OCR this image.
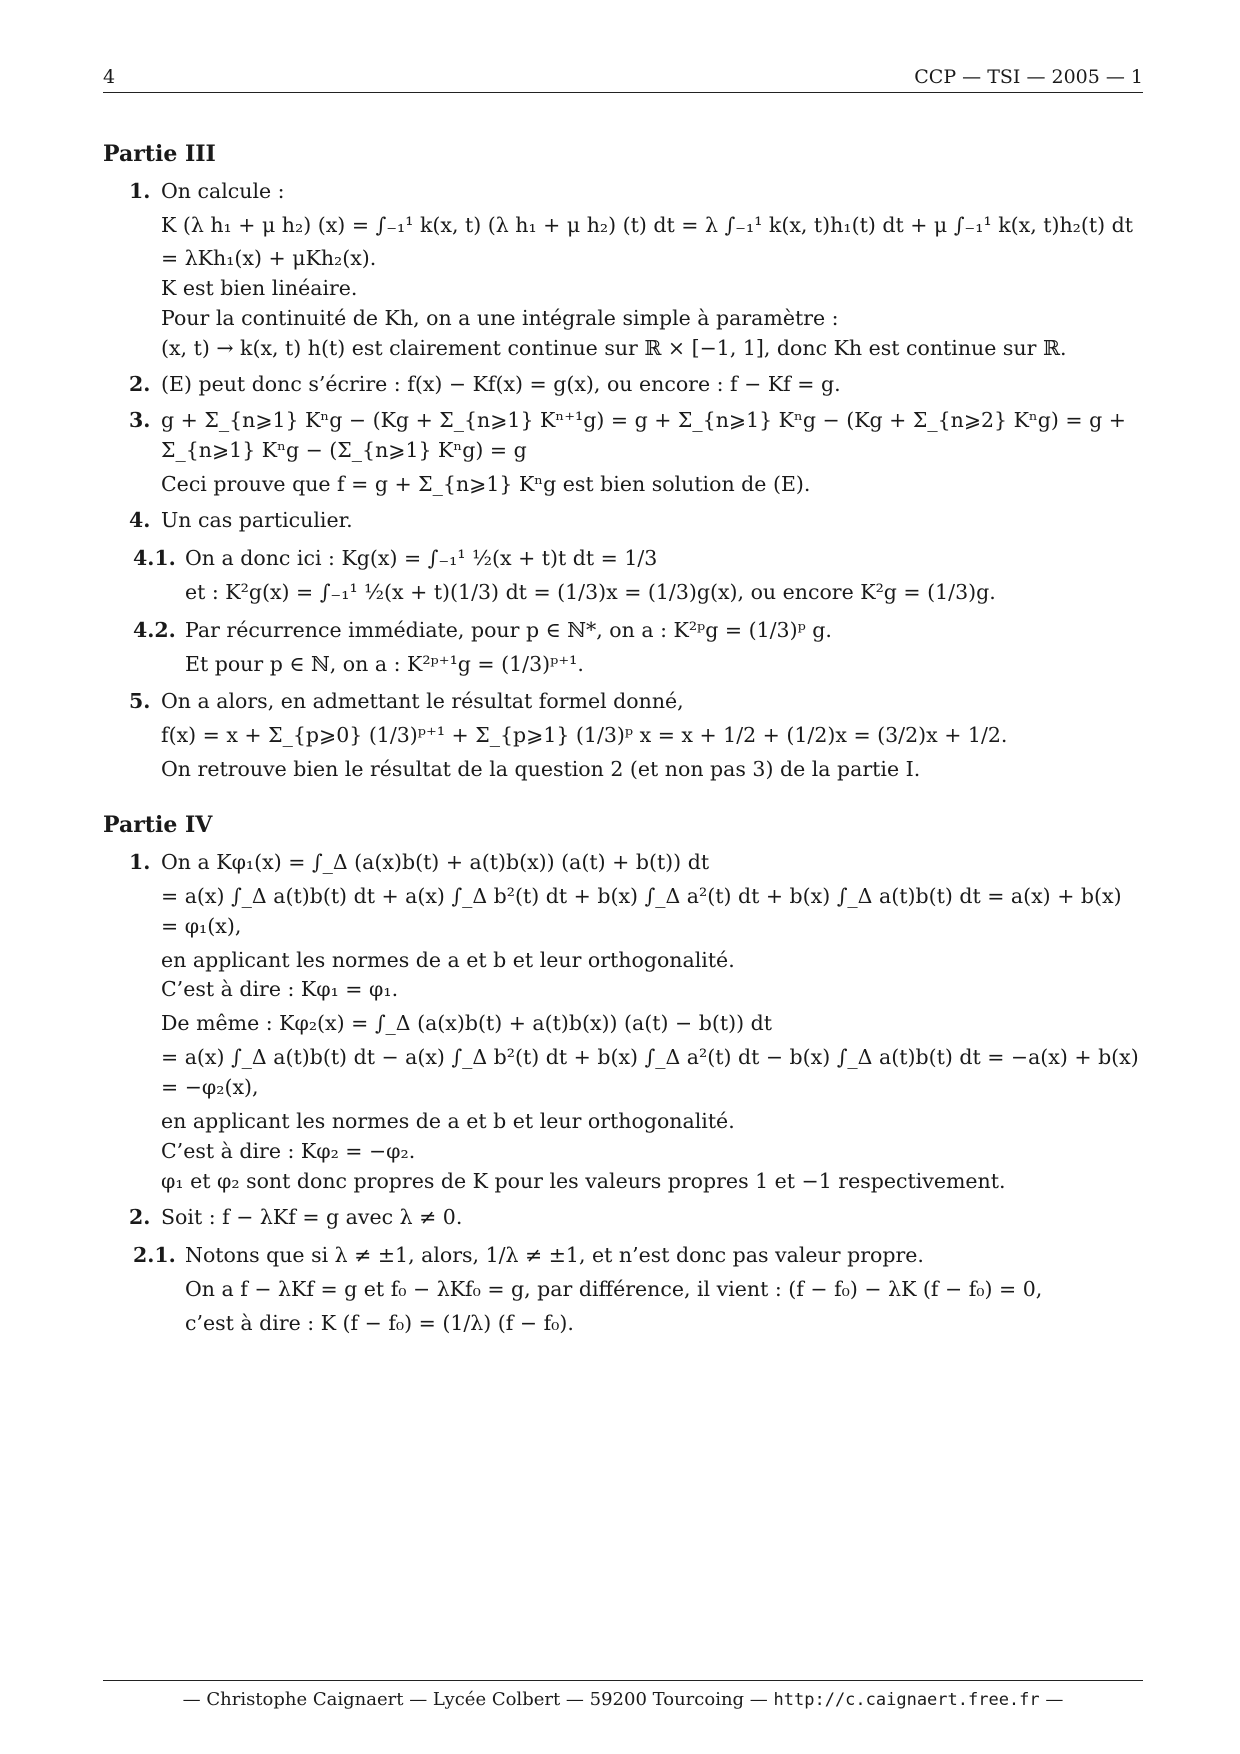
4	CCP — TSI — 2005 — 1
Partie III
1. On calcule :
K (λ h₁ + μ h₂) (x) = ∫₋₁¹ k(x, t) (λ h₁ + μ h₂) (t) dt = λ ∫₋₁¹ k(x, t)h₁(t) dt + μ ∫₋₁¹ k(x, t)h₂(t) dt
= λKh₁(x) + μKh₂(x).
K est bien linéaire.
Pour la continuité de Kh, on a une intégrale simple à paramètre :
(x, t) → k(x, t) h(t) est clairement continue sur ℝ × [−1, 1], donc Kh est continue sur ℝ.
2. (E) peut donc s’écrire : f(x) − Kf(x) = g(x), ou encore : f − Kf = g.
3. g + Σ_{n⩾1} Kⁿg − (Kg + Σ_{n⩾1} Kⁿ⁺¹g) = g + Σ_{n⩾1} Kⁿg − (Kg + Σ_{n⩾2} Kⁿg) = g + Σ_{n⩾1} Kⁿg − (Σ_{n⩾1} Kⁿg) = g
Ceci prouve que f = g + Σ_{n⩾1} Kⁿg est bien solution de (E).
4. Un cas particulier.
4.1. On a donc ici : Kg(x) = ∫₋₁¹ ½(x + t)t dt = 1/3
et : K²g(x) = ∫₋₁¹ ½(x + t)(1/3) dt = (1/3)x = (1/3)g(x), ou encore K²g = (1/3)g.
4.2. Par récurrence immédiate, pour p ∈ ℕ*, on a : K²ᵖg = (1/3)ᵖ g.
Et pour p ∈ ℕ, on a : K²ᵖ⁺¹g = (1/3)ᵖ⁺¹.
5. On a alors, en admettant le résultat formel donné,
f(x) = x + Σ_{p⩾0} (1/3)ᵖ⁺¹ + Σ_{p⩾1} (1/3)ᵖ x = x + 1/2 + (1/2)x = (3/2)x + 1/2.
On retrouve bien le résultat de la question 2 (et non pas 3) de la partie I.
Partie IV
1. On a Kφ₁(x) = ∫_Δ (a(x)b(t) + a(t)b(x)) (a(t) + b(t)) dt
= a(x) ∫_Δ a(t)b(t) dt + a(x) ∫_Δ b²(t) dt + b(x) ∫_Δ a²(t) dt + b(x) ∫_Δ a(t)b(t) dt = a(x) + b(x) = φ₁(x),
en applicant les normes de a et b et leur orthogonalité.
C’est à dire : Kφ₁ = φ₁.
De même : Kφ₂(x) = ∫_Δ (a(x)b(t) + a(t)b(x)) (a(t) − b(t)) dt
= a(x) ∫_Δ a(t)b(t) dt − a(x) ∫_Δ b²(t) dt + b(x) ∫_Δ a²(t) dt − b(x) ∫_Δ a(t)b(t) dt = −a(x) + b(x) = −φ₂(x),
en applicant les normes de a et b et leur orthogonalité.
C’est à dire : Kφ₂ = −φ₂.
φ₁ et φ₂ sont donc propres de K pour les valeurs propres 1 et −1 respectivement.
2. Soit : f − λKf = g avec λ ≠ 0.
2.1. Notons que si λ ≠ ±1, alors, 1/λ ≠ ±1, et n’est donc pas valeur propre.
On a f − λKf = g et f₀ − λKf₀ = g, par différence, il vient : (f − f₀) − λK (f − f₀) = 0,
c’est à dire : K (f − f₀) = (1/λ) (f − f₀).
— Christophe Caignaert — Lycée Colbert — 59200 Tourcoing — http://c.caignaert.free.fr —
